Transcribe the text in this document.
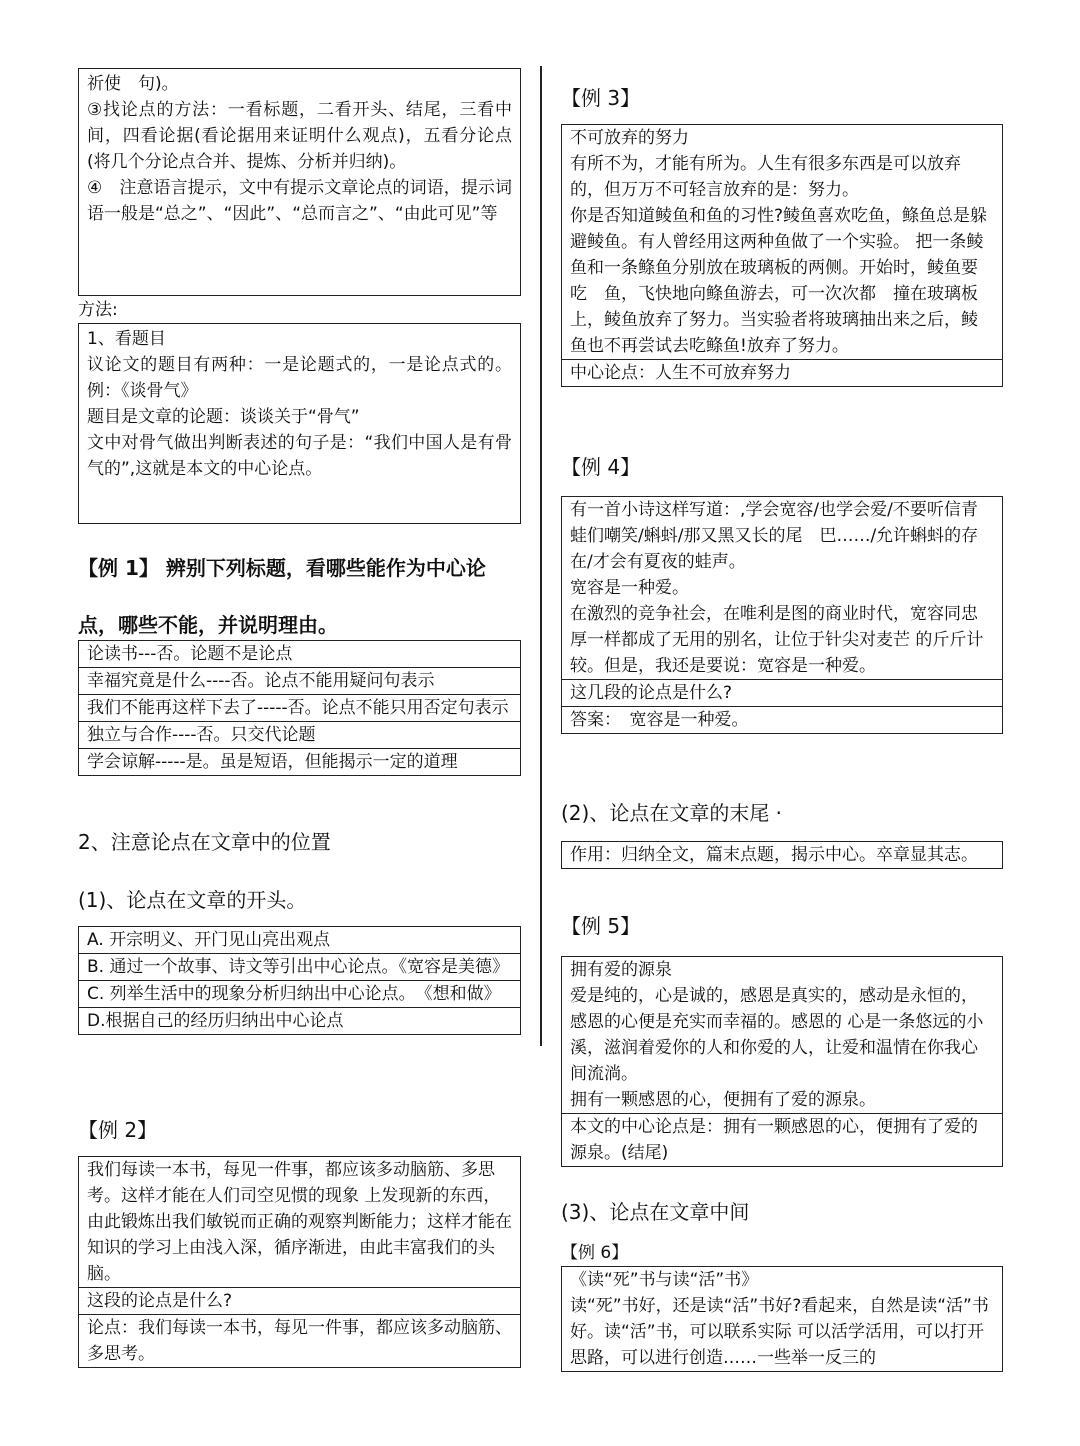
祈使　句)。

③找论点的方法：一看标题，二看开头、结尾，三看中间，四看论据(看论据用来证明什么观点)，五看分论点(将几个分论点合并、提炼、分析并归纳)。

④　注意语言提示，文中有提示文章论点的词语，提示词语一般是“总之”、“因此”、“总而言之”、“由此可见”等

方法:

1、看题目

议论文的题目有两种：一是论题式的，一是论点式的。例：《谈骨气》

题目是文章的论题：谈谈关于“骨气”

文中对骨气做出判断表述的句子是：“我们中国人是有骨气的”,这就是本文的中心论点。

【例 1】 辨别下列标题，看哪些能作为中心论点，哪些不能，并说明理由。

论读书---否。论题不是论点
幸福究竟是什么----否。论点不能用疑问句表示
我们不能再这样下去了-----否。论点不能只用否定句表示
独立与合作----否。只交代论题
学会谅解-----是。虽是短语，但能揭示一定的道理

2、注意论点在文章中的位置

(1)、论点在文章的开头。

A. 开宗明义、开门见山亮出观点
B. 通过一个故事、诗文等引出中心论点。《宽容是美德》
C. 列举生活中的现象分析归纳出中心论点。　《想和做》
D.根据自己的经历归纳出中心论点

【例 2】

我们每读一本书，每见一件事，都应该多动脑筋、多思考。这样才能在人们司空见惯的现象 上发现新的东西，由此锻炼出我们敏锐而正确的观察判断能力；这样才能在知识的学习上由浅入深，循序渐进，由此丰富我们的头脑。
这段的论点是什么?
论点：我们每读一本书，每见一件事，都应该多动脑筋、多思考。

【例 3】

不可放弃的努力
有所不为，才能有所为。人生有很多东西是可以放弃的，但万万不可轻言放弃的是：努力。
你是否知道鲮鱼和鱼的习性?鲮鱼喜欢吃鱼，鲦鱼总是躲避鲮鱼。有人曾经用这两种鱼做了一个实验。 把一条鲮鱼和一条鲦鱼分别放在玻璃板的两侧。开始时，鲮鱼要吃　鱼，飞快地向鲦鱼游去，可一次次都　撞在玻璃板上，鲮鱼放弃了努力。当实验者将玻璃抽出来之后，鲮鱼也不再尝试去吃鲦鱼!放弃了努力。
中心论点：人生不可放弃努力

【例 4】

有一首小诗这样写道：,学会宽容/也学会爱/不要听信青蛙们嘲笑/蝌蚪/那又黑又长的尾　巴……/允许蝌蚪的存在/才会有夏夜的蛙声。
宽容是一种爱。
在激烈的竞争社会，在唯利是图的商业时代，宽容同忠厚一样都成了无用的别名，让位于针尖对麦芒 的斤斤计较。但是，我还是要说：宽容是一种爱。
这几段的论点是什么?
答案：　宽容是一种爱。

(2)、论点在文章的末尾 ·

作用：归纳全文，篇末点题，揭示中心。卒章显其志。

【例 5】

拥有爱的源泉
爱是纯的，心是诚的，感恩是真实的，感动是永恒的，感恩的心便是充实而幸福的。感恩的 心是一条悠远的小溪，滋润着爱你的人和你爱的人，让爱和温情在你我心间流淌。
拥有一颗感恩的心，便拥有了爱的源泉。
本文的中心论点是：拥有一颗感恩的心，便拥有了爱的源泉。(结尾)

(3)、论点在文章中间

【例 6】

《读“死”书与读“活”书》
读“死”书好，还是读“活”书好?看起来，自然是读“活”书好。读“活”书，可以联系实际 可以活学活用，可以打开思路，可以进行创造……一些举一反三的
